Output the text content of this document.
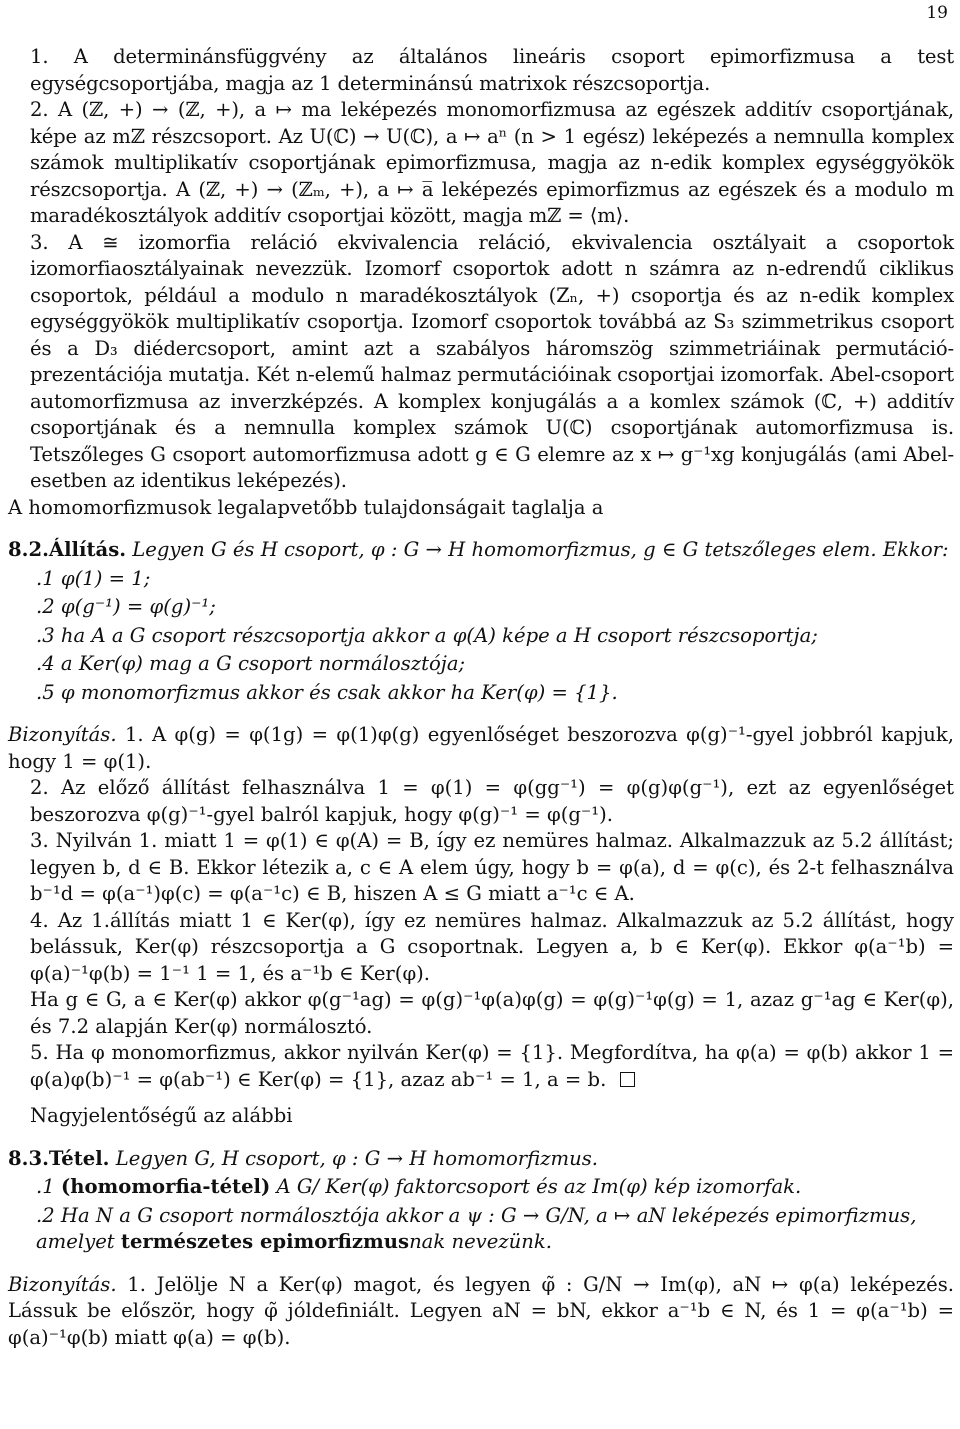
19

1. A determinánsfüggvény az általános lineáris csoport epimorfizmusa a test egységcsoportjába, magja az 1 determinánsú matrixok részcsoportja.

2. A (ℤ, +) → (ℤ, +), a ↦ ma leképezés monomorfizmusa az egészek additív csoportjának, képe az mℤ részcsoport. Az U(ℂ) → U(ℂ), a ↦ aⁿ (n > 1 egész) leképezés a nemnulla komplex számok multiplikatív csoportjának epimorfizmusa, magja az n-edik komplex egységgyökök részcsoportja. A (ℤ, +) → (ℤₘ, +), a ↦ a̅ leképezés epimorfizmus az egészek és a modulo m maradékosztályok additív csoportjai között, magja mℤ = ⟨m⟩.

3. A ≅ izomorfia reláció ekvivalencia reláció, ekvivalencia osztályait a csoportok izomorfiaosztályainak nevezzük. Izomorf csoportok adott n számra az n-edrendű ciklikus csoportok, például a modulo n maradékosztályok (Zₙ, +) csoportja és az n-edik komplex egységgyökök multiplikatív csoportja. Izomorf csoportok továbbá az S₃ szimmetrikus csoport és a D₃ diédercsoport, amint azt a szabályos háromszög szimmetriáinak permutáció-prezentációja mutatja. Két n-elemű halmaz permutációinak csoportjai izomorfak. Abel-csoport automorfizmusa az inverzképzés. A komplex konjugálás a a komlex számok (ℂ, +) additív csoportjának és a nemnulla komplex számok U(ℂ) csoportjának automorfizmusa is. Tetszőleges G csoport automorfizmusa adott g ∈ G elemre az x ↦ g⁻¹xg konjugálás (ami Abel-esetben az identikus leképezés).

A homomorfizmusok legalapvetőbb tulajdonságait taglalja a

8.2.Állítás. Legyen G és H csoport, φ : G → H homomorfizmus, g ∈ G tetszőleges elem. Ekkor:

.1 φ(1) = 1;
.2 φ(g⁻¹) = φ(g)⁻¹;
.3 ha A a G csoport részcsoportja akkor a φ(A) képe a H csoport részcsoportja;
.4 a Ker(φ) mag a G csoport normálosztója;
.5 φ monomorfizmus akkor és csak akkor ha Ker(φ) = {1}.

Bizonyítás. 1. A φ(g) = φ(1g) = φ(1)φ(g) egyenlőséget beszorozva φ(g)⁻¹-gyel jobbról kapjuk, hogy 1 = φ(1).

2. Az előző állítást felhasználva 1 = φ(1) = φ(gg⁻¹) = φ(g)φ(g⁻¹), ezt az egyenlőséget beszorozva φ(g)⁻¹-gyel balról kapjuk, hogy φ(g)⁻¹ = φ(g⁻¹).

3. Nyilván 1. miatt 1 = φ(1) ∈ φ(A) = B, így ez nemüres halmaz. Alkalmazzuk az 5.2 állítást; legyen b, d ∈ B. Ekkor létezik a, c ∈ A elem úgy, hogy b = φ(a), d = φ(c), és 2-t felhasználva b⁻¹d = φ(a⁻¹)φ(c) = φ(a⁻¹c) ∈ B, hiszen A ≤ G miatt a⁻¹c ∈ A.

4. Az 1.állítás miatt 1 ∈ Ker(φ), így ez nemüres halmaz. Alkalmazzuk az 5.2 állítást, hogy belássuk, Ker(φ) részcsoportja a G csoportnak. Legyen a, b ∈ Ker(φ). Ekkor φ(a⁻¹b) = φ(a)⁻¹φ(b) = 1⁻¹ 1 = 1, és a⁻¹b ∈ Ker(φ).

Ha g ∈ G, a ∈ Ker(φ) akkor φ(g⁻¹ag) = φ(g)⁻¹φ(a)φ(g) = φ(g)⁻¹φ(g) = 1, azaz g⁻¹ag ∈ Ker(φ), és 7.2 alapján Ker(φ) normálosztó.

5. Ha φ monomorfizmus, akkor nyilván Ker(φ) = {1}. Megfordítva, ha φ(a) = φ(b) akkor 1 = φ(a)φ(b)⁻¹ = φ(ab⁻¹) ∈ Ker(φ) = {1}, azaz ab⁻¹ = 1, a = b.

Nagyjelentőségű az alábbi

8.3.Tétel. Legyen G, H csoport, φ : G → H homomorfizmus.

.1 (homomorfia-tétel) A G/ Ker(φ) faktorcsoport és az Im(φ) kép izomorfak.
.2 Ha N a G csoport normálosztója akkor a ψ : G → G/N, a ↦ aN leképezés epimorfizmus, amelyet természetes epimorfizmusnak nevezünk.

Bizonyítás. 1. Jelölje N a Ker(φ) magot, és legyen φ̃ : G/N → Im(φ), aN ↦ φ(a) leképezés. Lássuk be először, hogy φ̃ jóldefiniált. Legyen aN = bN, ekkor a⁻¹b ∈ N, és 1 = φ(a⁻¹b) = φ(a)⁻¹φ(b) miatt φ(a) = φ(b).
